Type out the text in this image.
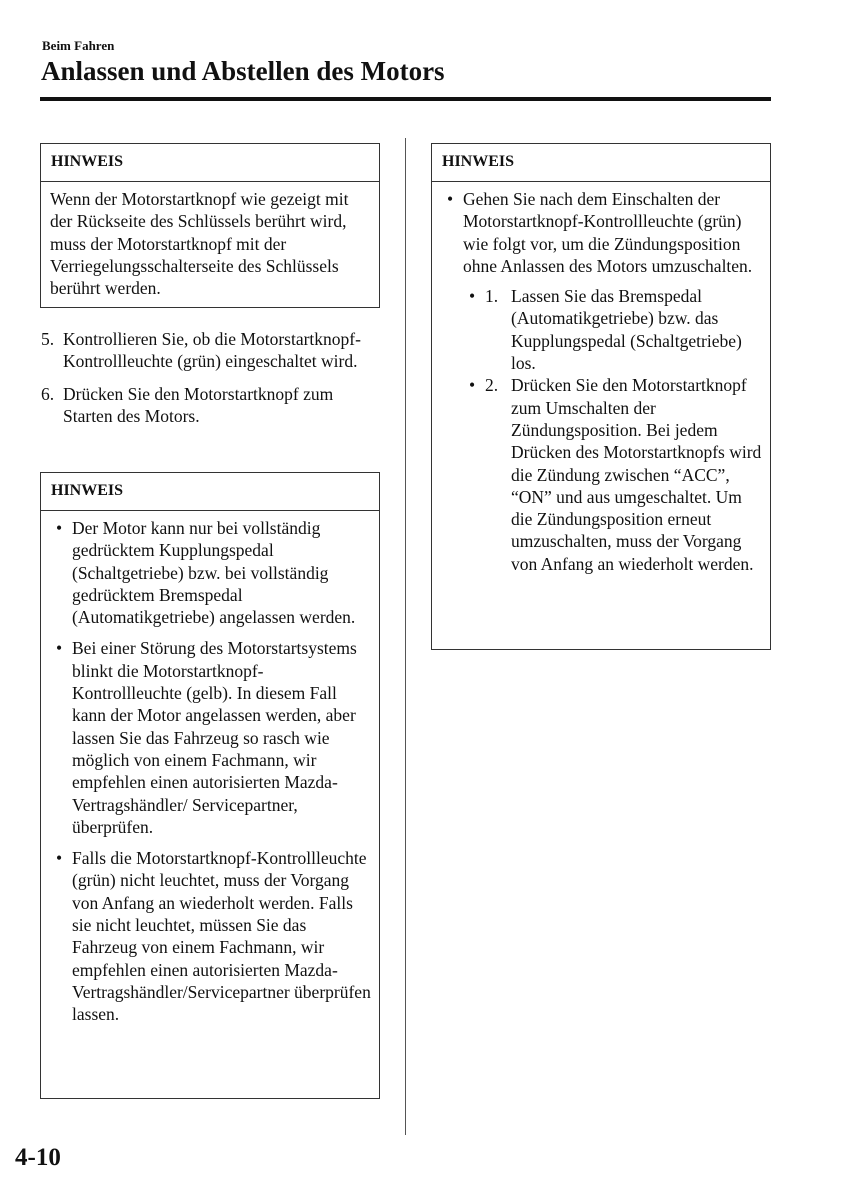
Beim Fahren
Anlassen und Abstellen des Motors
HINWEIS
Wenn der Motorstartknopf wie gezeigt mit der Rückseite des Schlüssels berührt wird, muss der Motorstartknopf mit der Verriegelungsschalterseite des Schlüssels berührt werden.
5. Kontrollieren Sie, ob die Motorstartknopf-Kontrollleuchte (grün) eingeschaltet wird.
6. Drücken Sie den Motorstartknopf zum Starten des Motors.
HINWEIS
• Der Motor kann nur bei vollständig gedrücktem Kupplungspedal (Schaltgetriebe) bzw. bei vollständig gedrücktem Bremspedal (Automatikgetriebe) angelassen werden.
• Bei einer Störung des Motorstartsystems blinkt die Motorstartknopf-Kontrollleuchte (gelb). In diesem Fall kann der Motor angelassen werden, aber lassen Sie das Fahrzeug so rasch wie möglich von einem Fachmann, wir empfehlen einen autorisierten Mazda-Vertragshändler/ Servicepartner, überprüfen.
• Falls die Motorstartknopf-Kontrollleuchte (grün) nicht leuchtet, muss der Vorgang von Anfang an wiederholt werden. Falls sie nicht leuchtet, müssen Sie das Fahrzeug von einem Fachmann, wir empfehlen einen autorisierten Mazda-Vertragshändler/Servicepartner überprüfen lassen.
HINWEIS
• Gehen Sie nach dem Einschalten der Motorstartknopf-Kontrollleuchte (grün) wie folgt vor, um die Zündungsposition ohne Anlassen des Motors umzuschalten.
• 1. Lassen Sie das Bremspedal (Automatikgetriebe) bzw. das Kupplungspedal (Schaltgetriebe) los.
• 2. Drücken Sie den Motorstartknopf zum Umschalten der Zündungsposition. Bei jedem Drücken des Motorstartknopfs wird die Zündung zwischen “ACC”, “ON” und aus umgeschaltet. Um die Zündungsposition erneut umzuschalten, muss der Vorgang von Anfang an wiederholt werden.
4-10
